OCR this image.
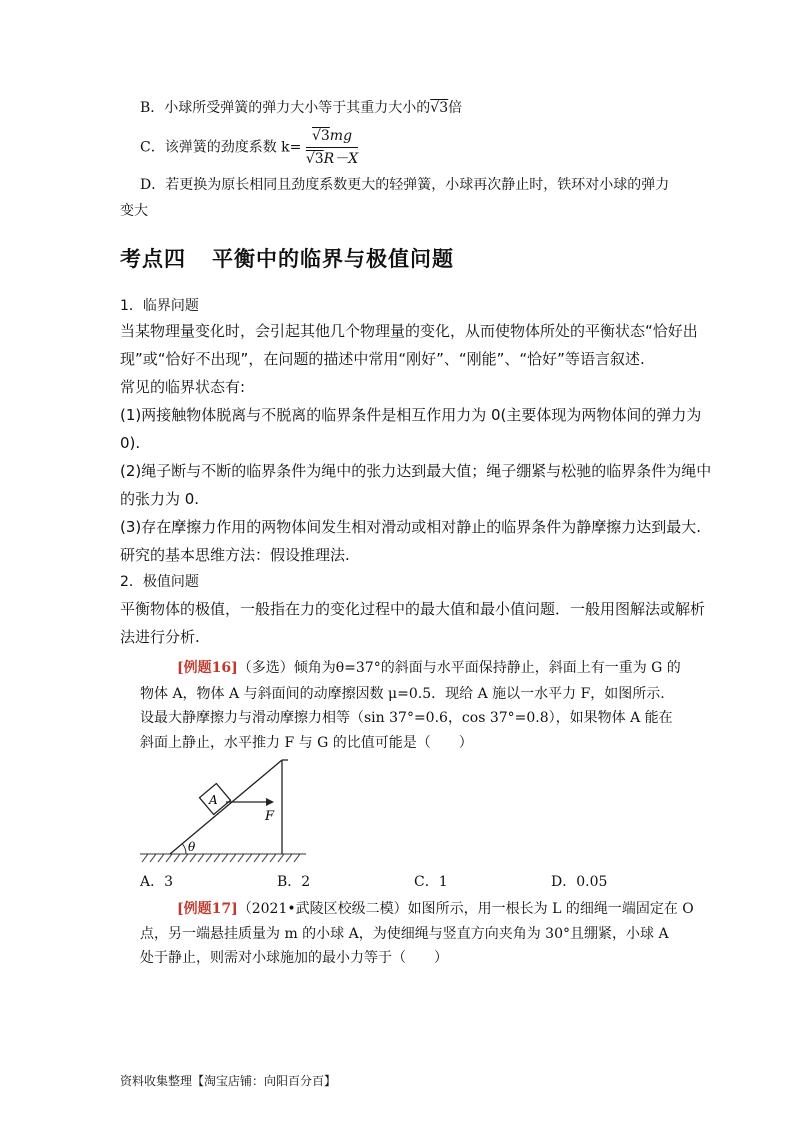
B．小球所受弹簧的弹力大小等于其重力大小的√3倍
C．该弹簧的劲度系数 $k= \frac{√3mg}{√3R-X}$
D．若更换为原长相同且劲度系数更大的轻弹簧，小球再次静止时，铁环对小球的弹力
变大
考点四 平衡中的临界与极值问题
1．临界问题
当某物理量变化时，会引起其他几个物理量的变化，从而使物体所处的平衡状态“恰好出
现”或“恰好不出现”，在问题的描述中常用“刚好”、“刚能”、“恰好”等语言叙述.
常见的临界状态有:
(1)两接触物体脱离与不脱离的临界条件是相互作用力为 0(主要体现为两物体间的弹力为
0).
(2)绳子断与不断的临界条件为绳中的张力达到最大值；绳子绷紧与松驰的临界条件为绳中
的张力为 0.
(3)存在摩擦力作用的两物体间发生相对滑动或相对静止的临界条件为静摩擦力达到最大.
研究的基本思维方法：假设推理法.
2．极值问题
平衡物体的极值，一般指在力的变化过程中的最大值和最小值问题．一般用图解法或解析
法进行分析.
[例题16]（多选）倾角为θ=37°的斜面与水平面保持静止，斜面上有一重为 G 的
物体 A，物体 A 与斜面间的动摩擦因数 μ=0.5．现给 A 施以一水平力 F，如图所示.
设最大静摩擦力与滑动摩擦力相等（sin 37°=0.6，cos 37°=0.8），如果物体 A 能在
斜面上静止，水平推力 F 与 G 的比值可能是（　　）
A
F
θ
A．3	B．2	C．1	D．0.05
[例题17]（2021•武陵区校级二模）如图所示，用一根长为 L 的细绳一端固定在 O
点，另一端悬挂质量为 m 的小球 A，为使细绳与竖直方向夹角为 30°且绷紧，小球 A
处于静止，则需对小球施加的最小力等于（　　）
资料收集整理【淘宝店铺：向阳百分百】
